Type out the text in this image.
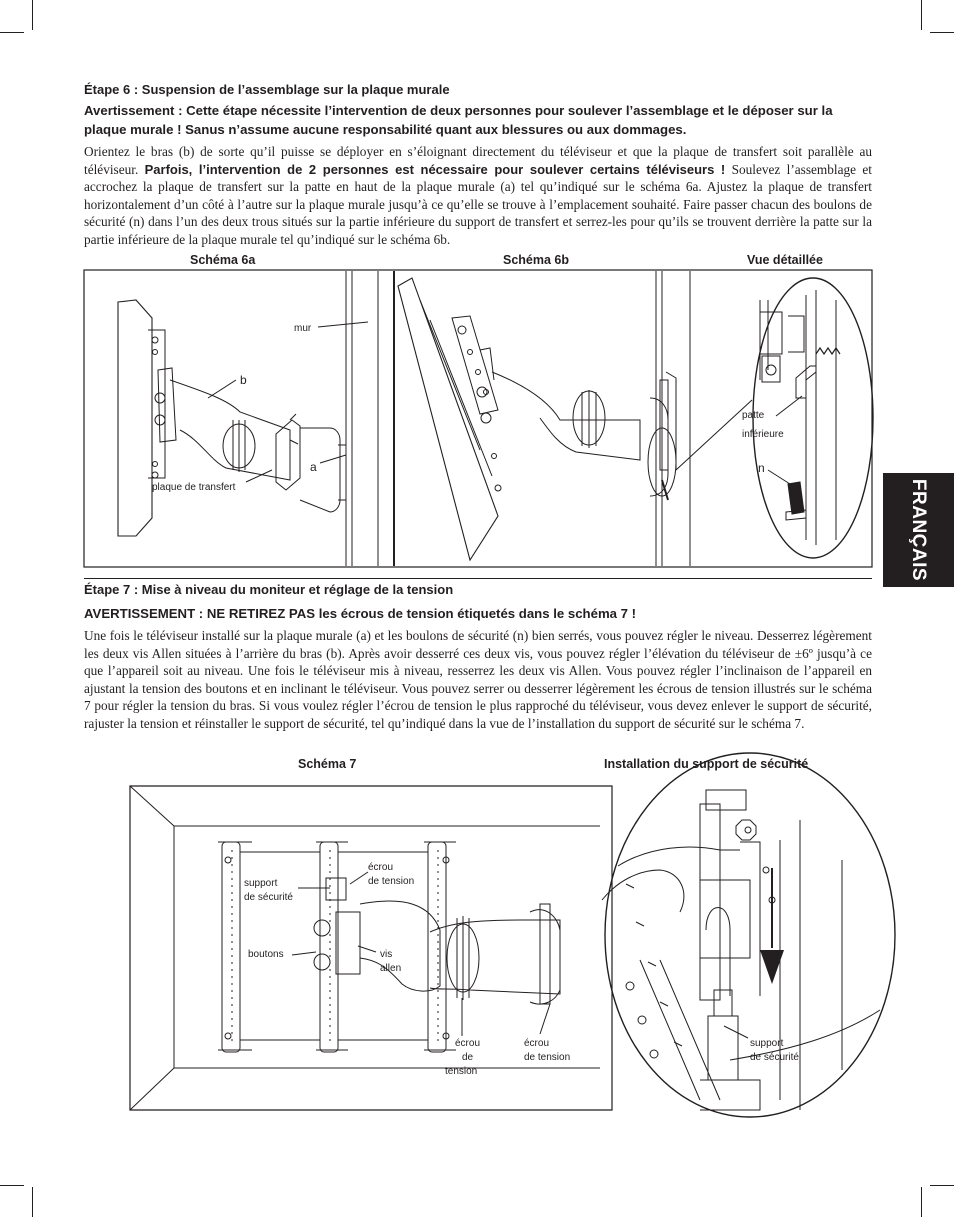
FRANÇAIS
Étape 6 : Suspension de l’assemblage sur la plaque murale
Avertissement : Cette étape nécessite l’intervention de deux personnes pour soulever l’assemblage et le déposer sur la plaque murale ! Sanus n’assume aucune responsabilité quant aux blessures ou aux dommages.
Orientez le bras (b) de sorte qu’il puisse se déployer en s’éloignant directement du téléviseur et que la plaque de transfert soit parallèle au téléviseur. Parfois, l’intervention de 2 personnes est nécessaire pour soulever certains téléviseurs ! Soulevez l’assemblage et accrochez la plaque de transfert sur la patte en haut de la plaque murale (a) tel qu’indiqué sur le schéma 6a. Ajustez la plaque de transfert horizontalement d’un côté à l’autre sur la plaque murale jusqu’à ce qu’elle se trouve à l’emplacement souhaité. Faire passer chacun des boulons de sécurité (n) dans l’un des deux trous situés sur la partie inférieure du support de transfert et serrez-les pour qu’ils se trouvent derrière la patte sur la partie inférieure de la plaque murale tel qu’indiqué sur le schéma 6b.
Schéma 6a	Schéma 6b	Vue détaillée
mur
b
a
plaque de transfert
patte
inférieure
n
Étape 7 : Mise à niveau du moniteur et réglage de la tension
AVERTISSEMENT : NE RETIREZ PAS les écrous de tension étiquetés dans le schéma 7 !
Une fois le téléviseur installé sur la plaque murale (a) et les boulons de sécurité (n) bien serrés, vous pouvez régler le niveau. Desserrez légèrement les deux vis Allen situées à l’arrière du bras (b). Après avoir desserré ces deux vis, vous pouvez régler l’élévation du téléviseur de ±6º jusqu’à ce que l’appareil soit au niveau. Une fois le téléviseur mis à niveau, resserrez les deux vis Allen. Vous pouvez régler l’inclinaison de l’appareil en ajustant la tension des boutons et en inclinant le téléviseur. Vous pouvez serrer ou desserrer légèrement les écrous de tension illustrés sur le schéma 7 pour régler la tension du bras. Si vous voulez régler l’écrou de tension le plus rapproché du téléviseur, vous devez enlever le support de sécurité, rajuster la tension et réinstaller le support de sécurité, tel qu’indiqué dans la vue de l’installation du support de sécurité sur le schéma 7.
Schéma 7	Installation du support de sécurité
écrou
de tension
support
de sécurité
boutons	vis
allen
écrou
de
tension
écrou
de tension
support
de sécurité
